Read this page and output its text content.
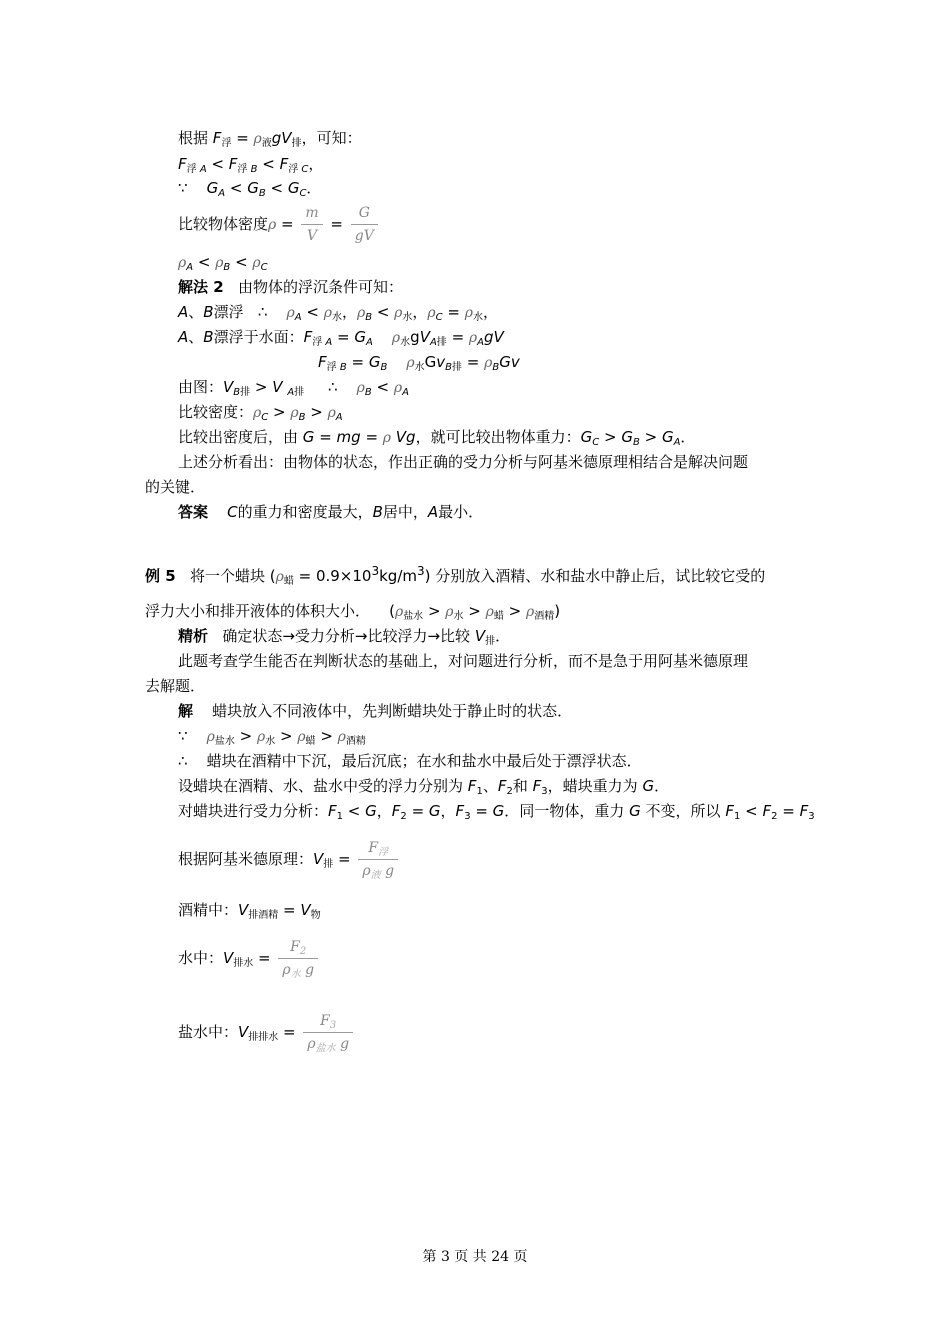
根据 $F_浮 = \rho_液gV_排$，可知：
$F_{浮 A} < F_{浮 B} < F_{浮 C}$，
∵    $G_A < G_B < G_C$．
比较物体密度$\rho = \frac{m}{V} = \frac{G}{gV}$
$\rho_A < \rho_B < \rho_C$
解法 2 由物体的浮沉条件可知：
A、B漂浮   ∴    $\rho_A < \rho_水$，$\rho_B < \rho_水$，$\rho_C = \rho_水$，
A、B漂浮于水面：$F_{浮 A} = G_A$ $\rho_水gV_{A排} = \rho_AgV$
$F_{浮 B} = G_B$ $\rho_水Gv_{B排} = \rho_BGv$
由图：$V_{B排} > V$ $_{A排}$     ∴    $\rho_B < \rho_A$
比较密度：$\rho_C > \rho_B > \rho_A$
比较出密度后，由 G = mg = ρ Vg，就可比较出物体重力：$G_C > G_B > G_A$．
上述分析看出：由物体的状态，作出正确的受力分析与阿基米德原理相结合是解决问题
的关键．
答案 C的重力和密度最大，B居中，A最小．
例 5 将一个蜡块 $(\rho_蜡 = 0.9\times 10^3kg/m^3)$ 分别放入酒精、水和盐水中静止后，试比较它受的
浮力大小和排开液体的体积大小．    $(\rho_{盐水} > \rho_水 > \rho_蜡 > \rho_{酒精})$
精析 确定状态→受力分析→比较浮力→比较 $V_排$．
此题考查学生能否在判断状态的基础上，对问题进行分析，而不是急于用阿基米德原理
去解题．
解 蜡块放入不同液体中，先判断蜡块处于静止时的状态．
∵    $\rho_{盐水} > \rho_水 > \rho_蜡 > \rho_{酒精}$
∴    蜡块在酒精中下沉，最后沉底；在水和盐水中最后处于漂浮状态．
设蜡块在酒精、水、盐水中受的浮力分别为 $F_1$、$F_2$和 $F_3$，蜡块重力为 G．
对蜡块进行受力分析：$F_1 < G$，$F_2 = G$，$F_3 = G$．同一物体，重力 G 不变，所以 $F_1 < F_2 = F_3$
根据阿基米德原理：$V_排 = \frac{F_浮}{\rho_液 g}$
酒精中：$V_{排酒精} = V_物$
水中：$V_{排水} = \frac{F_2}{\rho_水 g}$
盐水中：$V_{排排水} = \frac{F_3}{\rho_{盐水} g}$
第 3 页 共 24 页
